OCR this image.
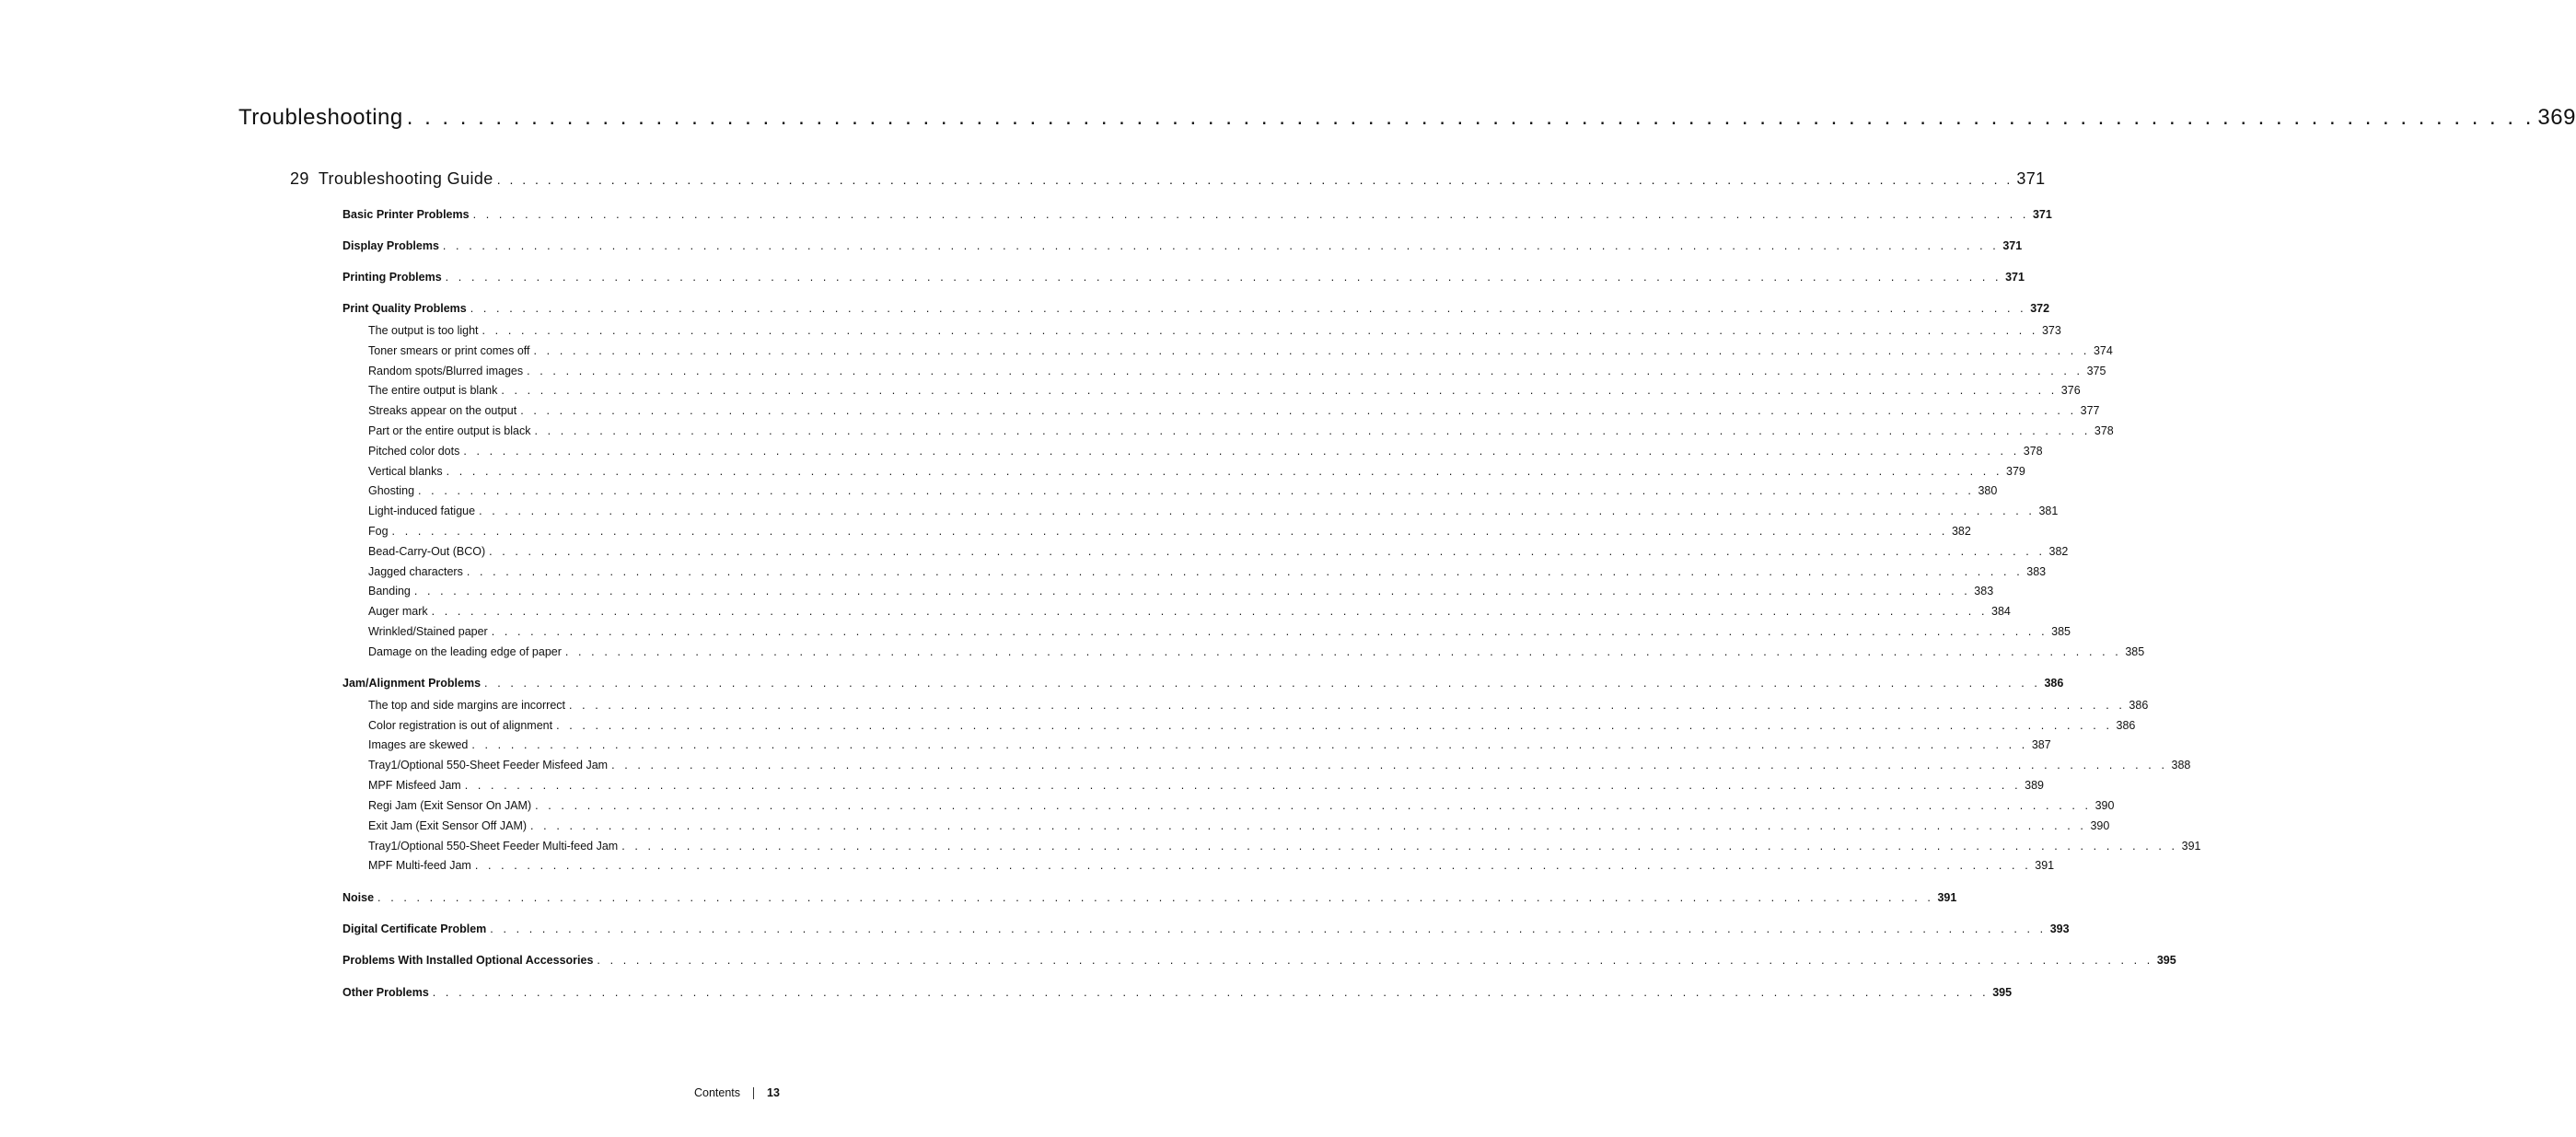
Troubleshooting . . . . . . . . . . . . . . . . . . . . . . . . . . . . . . . . . . . . . . . . . . . . . . . . . . . . . . . . . . . . . . . . . . . . . . . . . . . . . . . . . . . . . . . . . . . . . . . . . . . . . . . . . . . . . . . . . . . . . . . . 369
29 Troubleshooting Guide . . . . . . . . . . . . . . . . . . . . . . . . . . . . . . . . . . . . . . . . . . . . . . . . . . . . . . . . . . . . . . . . . . . . . . . . . . . . . . . . . . . . . . . . . . . . . . . . . . . . . . . . . . . . . . . . . . . . . . . . 371
Basic Printer Problems . . . . . . . . . . . . . . . . . . . . . . . . . . . . . . . . . . . . . . . . . . . . . . . . . . . . . . . . . . . . . . . . . . . . . . . . . . . . . . . . . . . . . . . . . . . . . . . . . . . . . . . . . . . . . . . . . . . . . . . . 371
Display Problems . . . . . . . . . . . . . . . . . . . . . . . . . . . . . . . . . . . . . . . . . . . . . . . . . . . . . . . . . . . . . . . . . . . . . . . . . . . . . . . . . . . . . . . . . . . . . . . . . . . . . . . . . . . . . . . . . . . . . . . . 371
Printing Problems . . . . . . . . . . . . . . . . . . . . . . . . . . . . . . . . . . . . . . . . . . . . . . . . . . . . . . . . . . . . . . . . . . . . . . . . . . . . . . . . . . . . . . . . . . . . . . . . . . . . . . . . . . . . . . . . . . . . . . . . 371
Print Quality Problems . . . . . . . . . . . . . . . . . . . . . . . . . . . . . . . . . . . . . . . . . . . . . . . . . . . . . . . . . . . . . . . . . . . . . . . . . . . . . . . . . . . . . . . . . . . . . . . . . . . . . . . . . . . . . . . . . . . . . . . . 372
The output is too light . . . . . . . . . . . . . . . . . . . . . . . . . . . . . . . . . . . . . . . . . . . . . . . . . . . . . . . . . . . . . . . . . . . . . . . . . . . . . . . . . . . . . . . . . . . . . . . . . . . . . . . . . . . . . . . . . . . . . . . . 373
Toner smears or print comes off . . . . . . . . . . . . . . . . . . . . . . . . . . . . . . . . . . . . . . . . . . . . . . . . . . . . . . . . . . . . . . . . . . . . . . . . . . . . . . . . . . . . . . . . . . . . . . . . . . . . . . . . . . . . . . . . . . . . . . . . 374
Random spots/Blurred images . . . . . . . . . . . . . . . . . . . . . . . . . . . . . . . . . . . . . . . . . . . . . . . . . . . . . . . . . . . . . . . . . . . . . . . . . . . . . . . . . . . . . . . . . . . . . . . . . . . . . . . . . . . . . . . . . . . . . . . . 375
The entire output is blank . . . . . . . . . . . . . . . . . . . . . . . . . . . . . . . . . . . . . . . . . . . . . . . . . . . . . . . . . . . . . . . . . . . . . . . . . . . . . . . . . . . . . . . . . . . . . . . . . . . . . . . . . . . . . . . . . . . . . . . . 376
Streaks appear on the output . . . . . . . . . . . . . . . . . . . . . . . . . . . . . . . . . . . . . . . . . . . . . . . . . . . . . . . . . . . . . . . . . . . . . . . . . . . . . . . . . . . . . . . . . . . . . . . . . . . . . . . . . . . . . . . . . . . . . . . . 377
Part or the entire output is black . . . . . . . . . . . . . . . . . . . . . . . . . . . . . . . . . . . . . . . . . . . . . . . . . . . . . . . . . . . . . . . . . . . . . . . . . . . . . . . . . . . . . . . . . . . . . . . . . . . . . . . . . . . . . . . . . . . . . . . . 378
Pitched color dots . . . . . . . . . . . . . . . . . . . . . . . . . . . . . . . . . . . . . . . . . . . . . . . . . . . . . . . . . . . . . . . . . . . . . . . . . . . . . . . . . . . . . . . . . . . . . . . . . . . . . . . . . . . . . . . . . . . . . . . . 378
Vertical blanks . . . . . . . . . . . . . . . . . . . . . . . . . . . . . . . . . . . . . . . . . . . . . . . . . . . . . . . . . . . . . . . . . . . . . . . . . . . . . . . . . . . . . . . . . . . . . . . . . . . . . . . . . . . . . . . . . . . . . . . . 379
Ghosting . . . . . . . . . . . . . . . . . . . . . . . . . . . . . . . . . . . . . . . . . . . . . . . . . . . . . . . . . . . . . . . . . . . . . . . . . . . . . . . . . . . . . . . . . . . . . . . . . . . . . . . . . . . . . . . . . . . . . . . . 380
Light-induced fatigue . . . . . . . . . . . . . . . . . . . . . . . . . . . . . . . . . . . . . . . . . . . . . . . . . . . . . . . . . . . . . . . . . . . . . . . . . . . . . . . . . . . . . . . . . . . . . . . . . . . . . . . . . . . . . . . . . . . . . . . . 381
Fog . . . . . . . . . . . . . . . . . . . . . . . . . . . . . . . . . . . . . . . . . . . . . . . . . . . . . . . . . . . . . . . . . . . . . . . . . . . . . . . . . . . . . . . . . . . . . . . . . . . . . . . . . . . . . . . . . . . . . . . . 382
Bead-Carry-Out (BCO) . . . . . . . . . . . . . . . . . . . . . . . . . . . . . . . . . . . . . . . . . . . . . . . . . . . . . . . . . . . . . . . . . . . . . . . . . . . . . . . . . . . . . . . . . . . . . . . . . . . . . . . . . . . . . . . . . . . . . . . . 382
Jagged characters . . . . . . . . . . . . . . . . . . . . . . . . . . . . . . . . . . . . . . . . . . . . . . . . . . . . . . . . . . . . . . . . . . . . . . . . . . . . . . . . . . . . . . . . . . . . . . . . . . . . . . . . . . . . . . . . . . . . . . . . 383
Banding . . . . . . . . . . . . . . . . . . . . . . . . . . . . . . . . . . . . . . . . . . . . . . . . . . . . . . . . . . . . . . . . . . . . . . . . . . . . . . . . . . . . . . . . . . . . . . . . . . . . . . . . . . . . . . . . . . . . . . . . 383
Auger mark . . . . . . . . . . . . . . . . . . . . . . . . . . . . . . . . . . . . . . . . . . . . . . . . . . . . . . . . . . . . . . . . . . . . . . . . . . . . . . . . . . . . . . . . . . . . . . . . . . . . . . . . . . . . . . . . . . . . . . . . 384
Wrinkled/Stained paper . . . . . . . . . . . . . . . . . . . . . . . . . . . . . . . . . . . . . . . . . . . . . . . . . . . . . . . . . . . . . . . . . . . . . . . . . . . . . . . . . . . . . . . . . . . . . . . . . . . . . . . . . . . . . . . . . . . . . . . . 385
Damage on the leading edge of paper . . . . . . . . . . . . . . . . . . . . . . . . . . . . . . . . . . . . . . . . . . . . . . . . . . . . . . . . . . . . . . . . . . . . . . . . . . . . . . . . . . . . . . . . . . . . . . . . . . . . . . . . . . . . . . . . . . . . . . . . 385
Jam/Alignment Problems . . . . . . . . . . . . . . . . . . . . . . . . . . . . . . . . . . . . . . . . . . . . . . . . . . . . . . . . . . . . . . . . . . . . . . . . . . . . . . . . . . . . . . . . . . . . . . . . . . . . . . . . . . . . . . . . . . . . . . . . 386
The top and side margins are incorrect . . . . . . . . . . . . . . . . . . . . . . . . . . . . . . . . . . . . . . . . . . . . . . . . . . . . . . . . . . . . . . . . . . . . . . . . . . . . . . . . . . . . . . . . . . . . . . . . . . . . . . . . . . . . . . . . . . . . . . . . 386
Color registration is out of alignment . . . . . . . . . . . . . . . . . . . . . . . . . . . . . . . . . . . . . . . . . . . . . . . . . . . . . . . . . . . . . . . . . . . . . . . . . . . . . . . . . . . . . . . . . . . . . . . . . . . . . . . . . . . . . . . . . . . . . . . . 386
Images are skewed . . . . . . . . . . . . . . . . . . . . . . . . . . . . . . . . . . . . . . . . . . . . . . . . . . . . . . . . . . . . . . . . . . . . . . . . . . . . . . . . . . . . . . . . . . . . . . . . . . . . . . . . . . . . . . . . . . . . . . . . 387
Tray1/Optional 550-Sheet Feeder Misfeed Jam . . . . . . . . . . . . . . . . . . . . . . . . . . . . . . . . . . . . . . . . . . . . . . . . . . . . . . . . . . . . . . . . . . . . . . . . . . . . . . . . . . . . . . . . . . . . . . . . . . . . . . . . . . . . . . . . . . . . . . . . 388
MPF Misfeed Jam . . . . . . . . . . . . . . . . . . . . . . . . . . . . . . . . . . . . . . . . . . . . . . . . . . . . . . . . . . . . . . . . . . . . . . . . . . . . . . . . . . . . . . . . . . . . . . . . . . . . . . . . . . . . . . . . . . . . . . . . 389
Regi Jam (Exit Sensor On JAM) . . . . . . . . . . . . . . . . . . . . . . . . . . . . . . . . . . . . . . . . . . . . . . . . . . . . . . . . . . . . . . . . . . . . . . . . . . . . . . . . . . . . . . . . . . . . . . . . . . . . . . . . . . . . . . . . . . . . . . . . 390
Exit Jam (Exit Sensor Off JAM) . . . . . . . . . . . . . . . . . . . . . . . . . . . . . . . . . . . . . . . . . . . . . . . . . . . . . . . . . . . . . . . . . . . . . . . . . . . . . . . . . . . . . . . . . . . . . . . . . . . . . . . . . . . . . . . . . . . . . . . . 390
Tray1/Optional 550-Sheet Feeder Multi-feed Jam . . . . . . . . . . . . . . . . . . . . . . . . . . . . . . . . . . . . . . . . . . . . . . . . . . . . . . . . . . . . . . . . . . . . . . . . . . . . . . . . . . . . . . . . . . . . . . . . . . . . . . . . . . . . . . . . . . . . . . . . 391
MPF Multi-feed Jam . . . . . . . . . . . . . . . . . . . . . . . . . . . . . . . . . . . . . . . . . . . . . . . . . . . . . . . . . . . . . . . . . . . . . . . . . . . . . . . . . . . . . . . . . . . . . . . . . . . . . . . . . . . . . . . . . . . . . . . . 391
Noise . . . . . . . . . . . . . . . . . . . . . . . . . . . . . . . . . . . . . . . . . . . . . . . . . . . . . . . . . . . . . . . . . . . . . . . . . . . . . . . . . . . . . . . . . . . . . . . . . . . . . . . . . . . . . . . . . . . . . . . . 391
Digital Certificate Problem . . . . . . . . . . . . . . . . . . . . . . . . . . . . . . . . . . . . . . . . . . . . . . . . . . . . . . . . . . . . . . . . . . . . . . . . . . . . . . . . . . . . . . . . . . . . . . . . . . . . . . . . . . . . . . . . . . . . . . . . 393
Problems With Installed Optional Accessories . . . . . . . . . . . . . . . . . . . . . . . . . . . . . . . . . . . . . . . . . . . . . . . . . . . . . . . . . . . . . . . . . . . . . . . . . . . . . . . . . . . . . . . . . . . . . . . . . . . . . . . . . . . . . . . . . . . . . . . . 395
Other Problems . . . . . . . . . . . . . . . . . . . . . . . . . . . . . . . . . . . . . . . . . . . . . . . . . . . . . . . . . . . . . . . . . . . . . . . . . . . . . . . . . . . . . . . . . . . . . . . . . . . . . . . . . . . . . . . . . . . . . . . . 395
Contents 13
